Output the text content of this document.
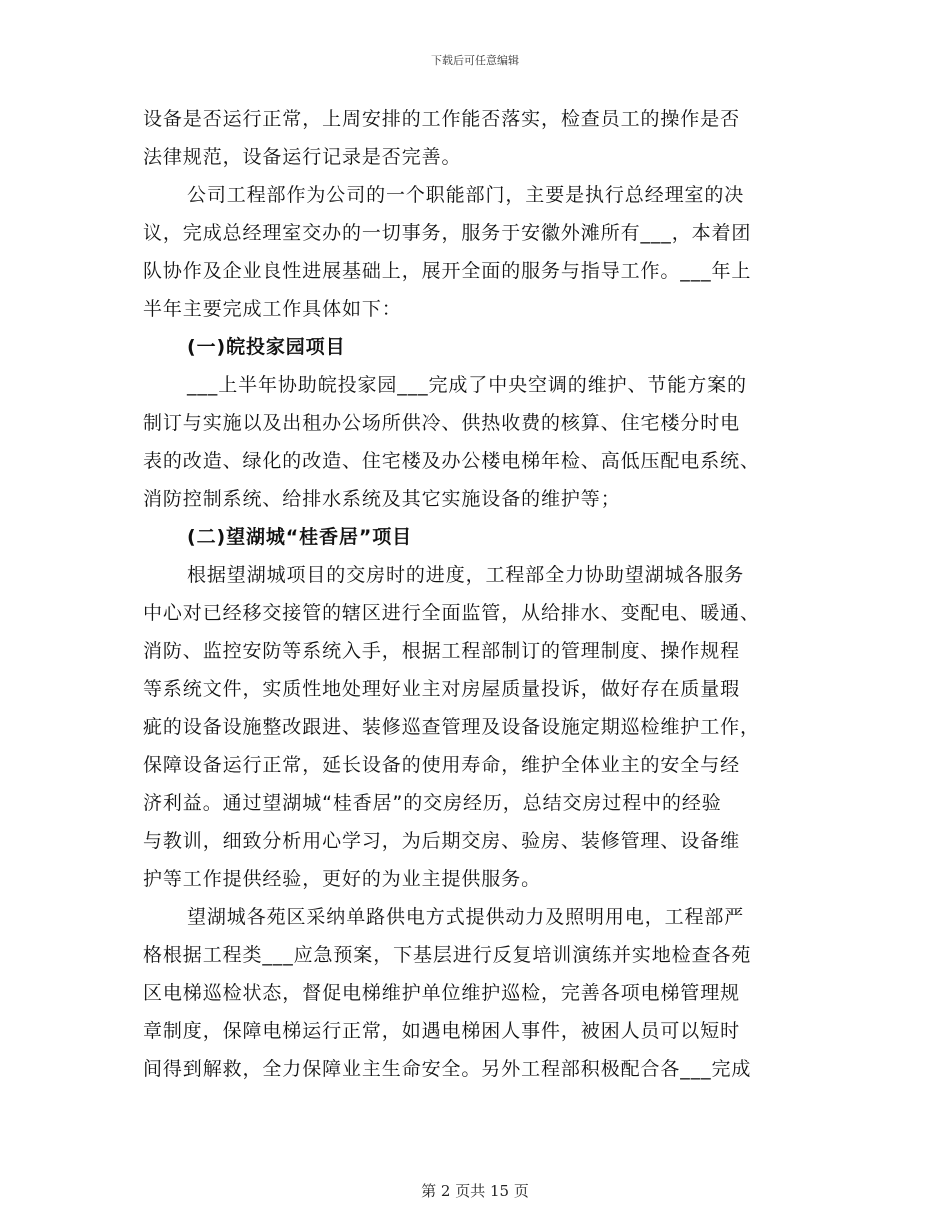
下载后可任意编辑
设备是否运行正常，上周安排的工作能否落实，检查员工的操作是否
法律规范，设备运行记录是否完善。
公司工程部作为公司的一个职能部门，主要是执行总经理室的决
议，完成总经理室交办的一切事务，服务于安徽外滩所有___，本着团
队协作及企业良性进展基础上，展开全面的服务与指导工作。___年上
半年主要完成工作具体如下：
(一)皖投家园项目
___上半年协助皖投家园___完成了中央空调的维护、节能方案的
制订与实施以及出租办公场所供冷、供热收费的核算、住宅楼分时电
表的改造、绿化的改造、住宅楼及办公楼电梯年检、高低压配电系统、
消防控制系统、给排水系统及其它实施设备的维护等；
(二)望湖城“桂香居”项目
根据望湖城项目的交房时的进度，工程部全力协助望湖城各服务
中心对已经移交接管的辖区进行全面监管，从给排水、变配电、暖通、
消防、监控安防等系统入手，根据工程部制订的管理制度、操作规程
等系统文件，实质性地处理好业主对房屋质量投诉，做好存在质量瑕
疵的设备设施整改跟进、装修巡查管理及设备设施定期巡检维护工作，
保障设备运行正常，延长设备的使用寿命，维护全体业主的安全与经
济利益。通过望湖城“桂香居”的交房经历，总结交房过程中的经验
与教训，细致分析用心学习，为后期交房、验房、装修管理、设备维
护等工作提供经验，更好的为业主提供服务。
望湖城各苑区采纳单路供电方式提供动力及照明用电，工程部严
格根据工程类___应急预案，下基层进行反复培训演练并实地检查各苑
区电梯巡检状态，督促电梯维护单位维护巡检，完善各项电梯管理规
章制度，保障电梯运行正常，如遇电梯困人事件，被困人员可以短时
间得到解救，全力保障业主生命安全。另外工程部积极配合各___完成
第 2 页共 15 页
